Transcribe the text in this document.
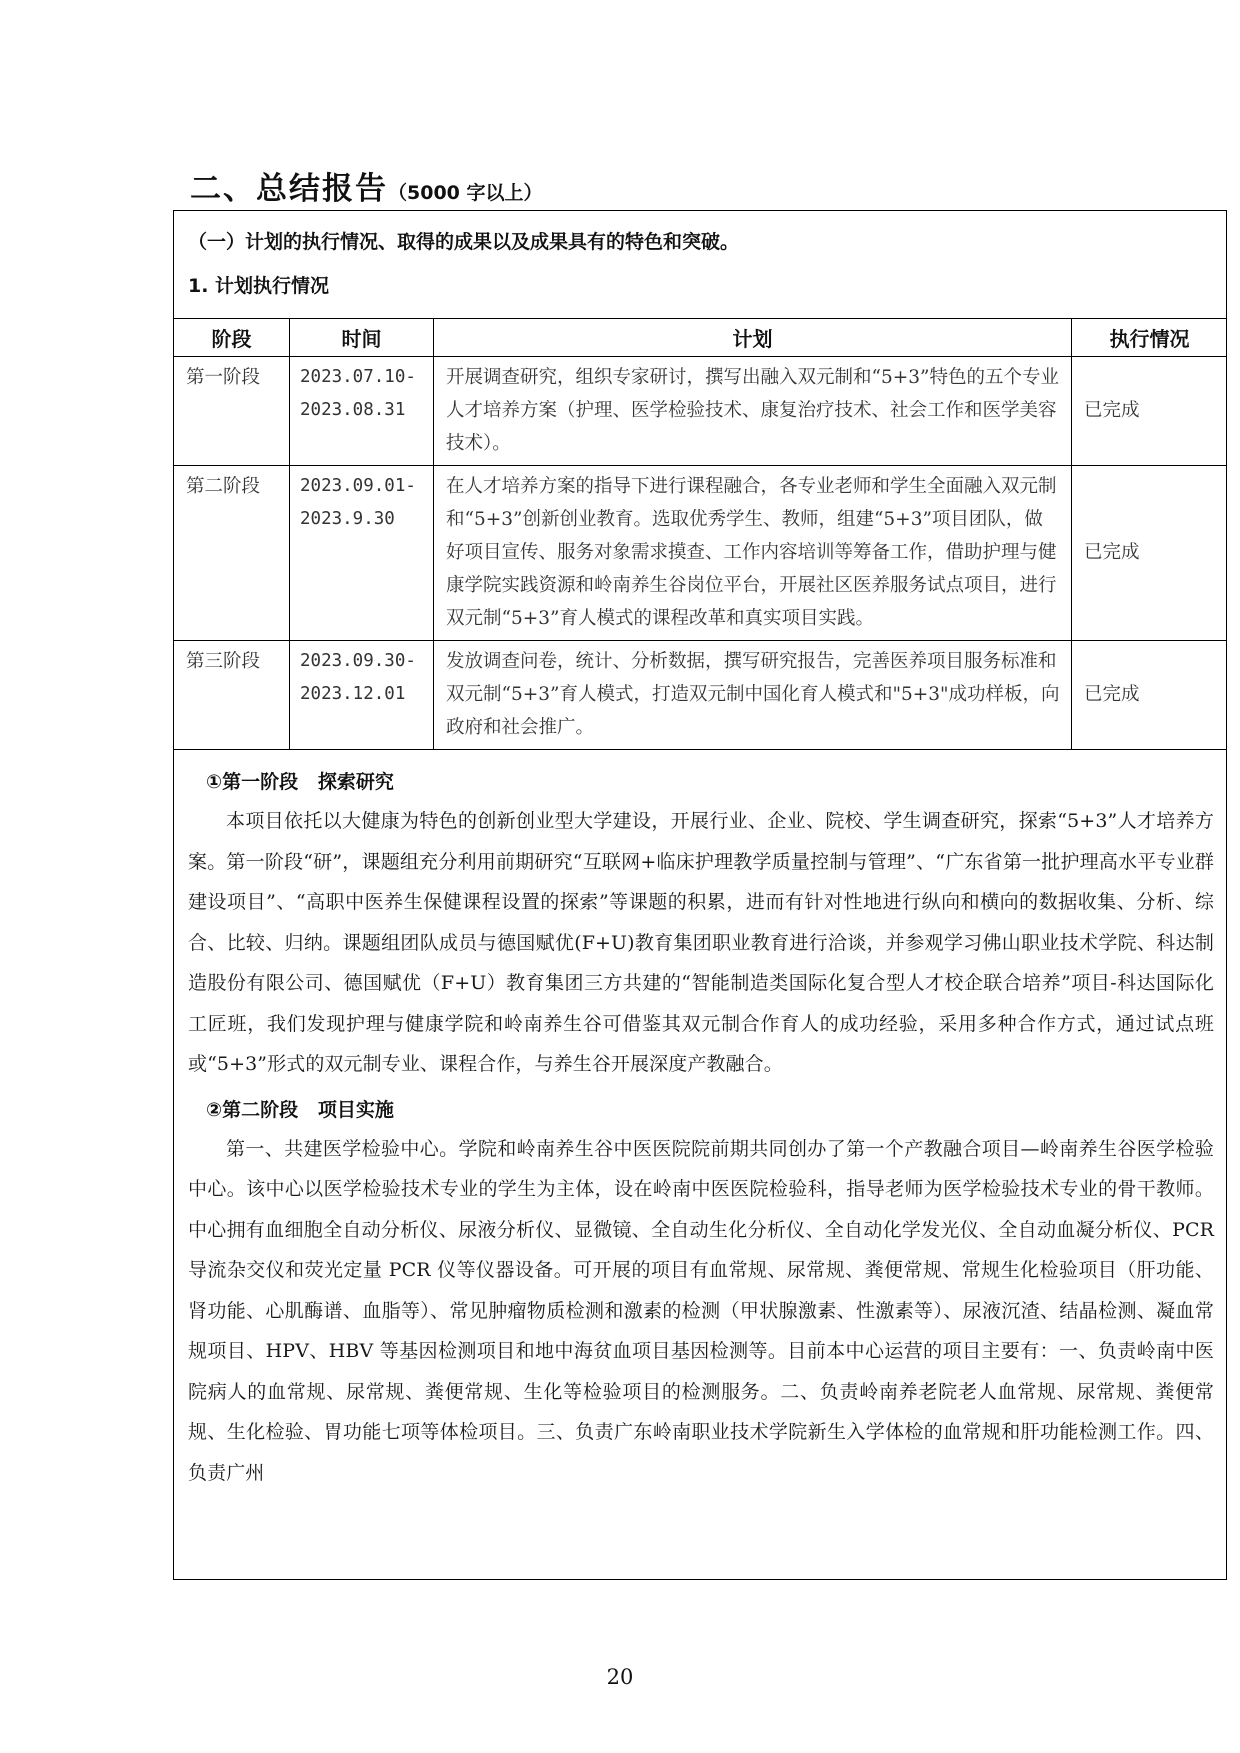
二、总结报告（5000 字以上）
（一）计划的执行情况、取得的成果以及成果具有的特色和突破。
1. 计划执行情况
阶段	时间	计划	执行情况
第一阶段	2023.07.10-2023.08.31	开展调查研究，组织专家研讨，撰写出融入双元制和“5+3”特色的五个专业人才培养方案（护理、医学检验技术、康复治疗技术、社会工作和医学美容技术）。	已完成
第二阶段	2023.09.01-2023.9.30	在人才培养方案的指导下进行课程融合，各专业老师和学生全面融入双元制和“5+3”创新创业教育。选取优秀学生、教师，组建“5+3”项目团队，做好项目宣传、服务对象需求摸查、工作内容培训等筹备工作，借助护理与健康学院实践资源和岭南养生谷岗位平台，开展社区医养服务试点项目，进行双元制“5+3”育人模式的课程改革和真实项目实践。	已完成
第三阶段	2023.09.30-2023.12.01	发放调查问卷，统计、分析数据，撰写研究报告，完善医养项目服务标准和双元制“5+3”育人模式，打造双元制中国化育人模式和"5+3"成功样板，向政府和社会推广。	已完成
①第一阶段   探索研究

本项目依托以大健康为特色的创新创业型大学建设，开展行业、企业、院校、学生调查研究，探索“5+3”人才培养方案。第一阶段“研”，课题组充分利用前期研究“互联网+临床护理教学质量控制与管理”、“广东省第一批护理高水平专业群建设项目”、“高职中医养生保健课程设置的探索”等课题的积累，进而有针对性地进行纵向和横向的数据收集、分析、综合、比较、归纳。课题组团队成员与德国赋优(F+U)教育集团职业教育进行洽谈，并参观学习佛山职业技术学院、科达制造股份有限公司、德国赋优（F+U）教育集团三方共建的“智能制造类国际化复合型人才校企联合培养”项目-科达国际化工匠班，我们发现护理与健康学院和岭南养生谷可借鉴其双元制合作育人的成功经验，采用多种合作方式，通过试点班或“5+3”形式的双元制专业、课程合作，与养生谷开展深度产教融合。

②第二阶段   项目实施

第一、共建医学检验中心。学院和岭南养生谷中医医院院前期共同创办了第一个产教融合项目—岭南养生谷医学检验中心。该中心以医学检验技术专业的学生为主体，设在岭南中医医院检验科，指导老师为医学检验技术专业的骨干教师。中心拥有血细胞全自动分析仪、尿液分析仪、显微镜、全自动生化分析仪、全自动化学发光仪、全自动血凝分析仪、PCR 导流杂交仪和荧光定量 PCR 仪等仪器设备。可开展的项目有血常规、尿常规、粪便常规、常规生化检验项目（肝功能、肾功能、心肌酶谱、血脂等）、常见肿瘤物质检测和激素的检测（甲状腺激素、性激素等）、尿液沉渣、结晶检测、凝血常规项目、HPV、HBV 等基因检测项目和地中海贫血项目基因检测等。目前本中心运营的项目主要有：一、负责岭南中医院病人的血常规、尿常规、粪便常规、生化等检验项目的检测服务。二、负责岭南养老院老人血常规、尿常规、粪便常规、生化检验、胃功能七项等体检项目。三、负责广东岭南职业技术学院新生入学体检的血常规和肝功能检测工作。四、负责广州

20
